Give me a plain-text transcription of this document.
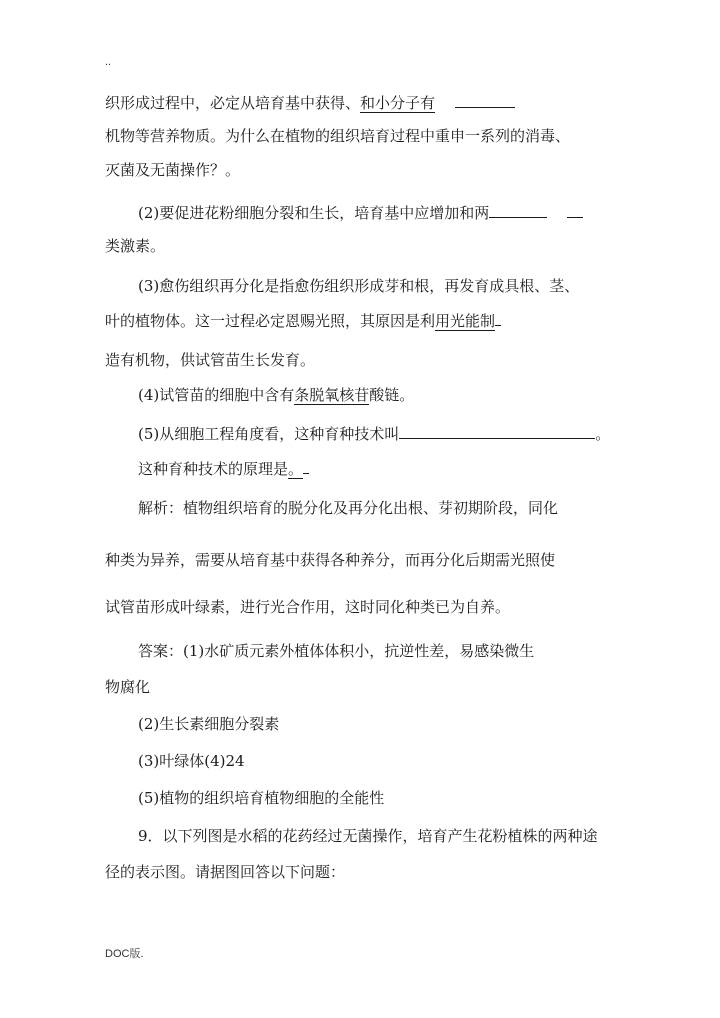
..
织形成过程中，必定从培育基中获得、和小分子有
机物等营养物质。为什么在植物的组织培育过程中重申一系列的消毒、
灭菌及无菌操作？。
(2)要促进花粉细胞分裂和生长，培育基中应增加和两
类激素。
(3)愈伤组织再分化是指愈伤组织形成芽和根，再发育成具根、茎、
叶的植物体。这一过程必定恩赐光照，其原因是利用光能制
造有机物，供试管苗生长发育。
(4)试管苗的细胞中含有条脱氧核苷酸链。
(5)从细胞工程角度看，这种育种技术叫	。
这种育种技术的原理是。
解析：植物组织培育的脱分化及再分化出根、芽初期阶段，同化
种类为异养，需要从培育基中获得各种养分，而再分化后期需光照使
试管苗形成叶绿素，进行光合作用，这时同化种类已为自养。
答案：(1)水矿质元素外植体体积小，抗逆性差，易感染微生
物腐化
(2)生长素细胞分裂素
(3)叶绿体(4)24
(5)植物的组织培育植物细胞的全能性
9．以下列图是水稻的花药经过无菌操作，培育产生花粉植株的两种途
径的表示图。请据图回答以下问题：
DOC版.
